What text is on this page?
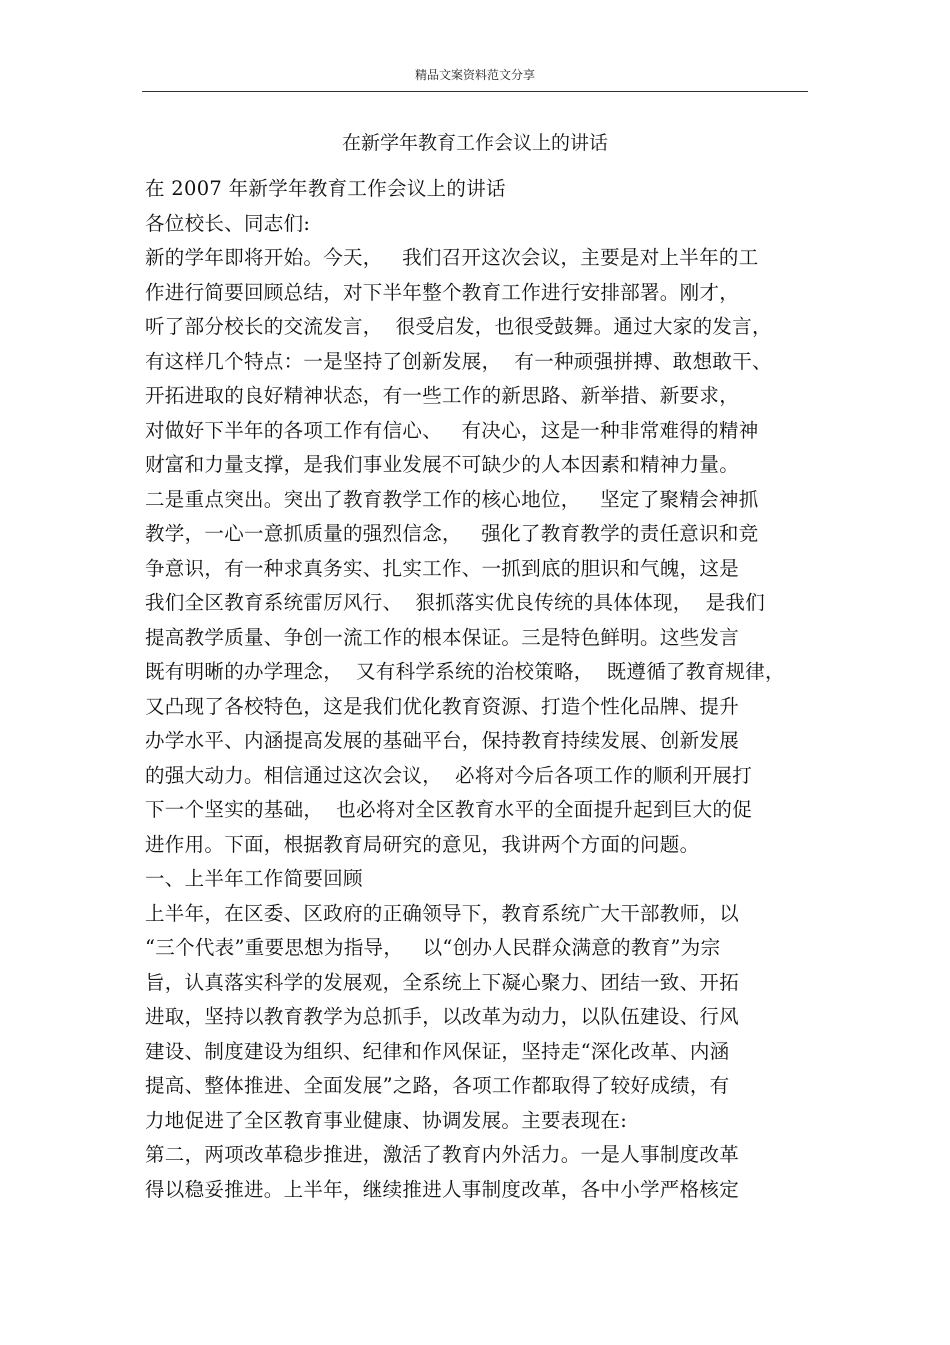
精品文案资料范文分享
在新学年教育工作会议上的讲话
在 2007 年新学年教育工作会议上的讲话
各位校长、同志们:
新的学年即将开始。今天，   我们召开这次会议，主要是对上半年的工
作进行简要回顾总结，对下半年整个教育工作进行安排部署。刚才，
听了部分校长的交流发言，  很受启发，也很受鼓舞。通过大家的发言，
有这样几个特点：一是坚持了创新发展，  有一种顽强拼搏、敢想敢干、
开拓进取的良好精神状态，有一些工作的新思路、新举措、新要求，
对做好下半年的各项工作有信心、   有决心，这是一种非常难得的精神
财富和力量支撑，是我们事业发展不可缺少的人本因素和精神力量。
二是重点突出。突出了教育教学工作的核心地位，   坚定了聚精会神抓
教学，一心一意抓质量的强烈信念，   强化了教育教学的责任意识和竞
争意识，有一种求真务实、扎实工作、一抓到底的胆识和气魄，这是
我们全区教育系统雷厉风行、  狠抓落实优良传统的具体体现，  是我们
提高教学质量、争创一流工作的根本保证。三是特色鲜明。这些发言
既有明晰的办学理念，  又有科学系统的治校策略，  既遵循了教育规律，
又凸现了各校特色，这是我们优化教育资源、打造个性化品牌、提升
办学水平、内涵提高发展的基础平台，保持教育持续发展、创新发展
的强大动力。相信通过这次会议，  必将对今后各项工作的顺利开展打
下一个坚实的基础，  也必将对全区教育水平的全面提升起到巨大的促
进作用。下面，根据教育局研究的意见，我讲两个方面的问题。
一、上半年工作简要回顾
上半年，在区委、区政府的正确领导下，教育系统广大干部教师，以
“三个代表”重要思想为指导，   以“创办人民群众满意的教育”为宗
旨，认真落实科学的发展观，全系统上下凝心聚力、团结一致、开拓
进取，坚持以教育教学为总抓手，以改革为动力，以队伍建设、行风
建设、制度建设为组织、纪律和作风保证，坚持走“深化改革、内涵
提高、整体推进、全面发展”之路，各项工作都取得了较好成绩，有
力地促进了全区教育事业健康、协调发展。主要表现在:
第二，两项改革稳步推进，激活了教育内外活力。一是人事制度改革
得以稳妥推进。上半年，继续推进人事制度改革，各中小学严格核定
